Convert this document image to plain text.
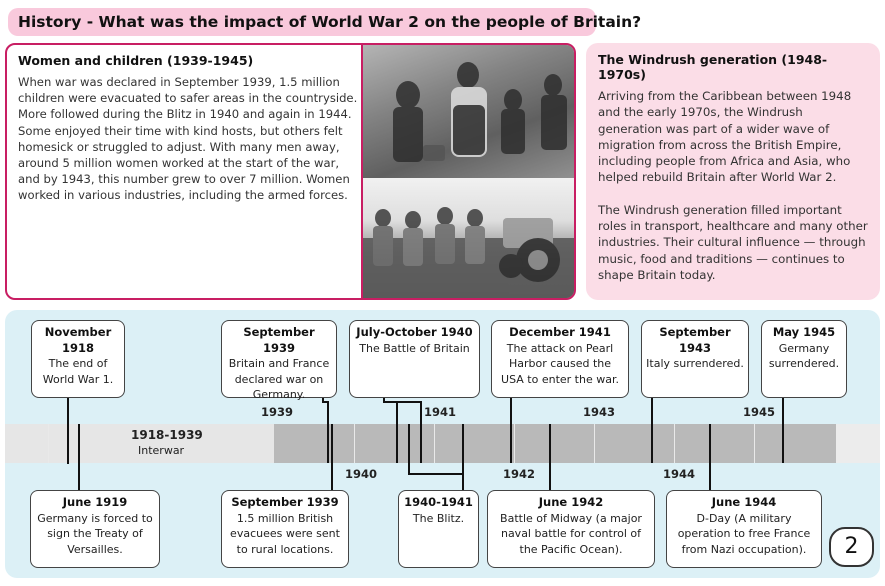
History - What was the impact of World War 2 on the people of Britain?
Women and children (1939-1945)
When war was declared in September 1939, 1.5 million children were evacuated to safer areas in the countryside. More followed during the Blitz in 1940 and again in 1944. Some enjoyed their time with kind hosts, but others felt homesick or struggled to adjust. With many men away, around 5 million women worked at the start of the war, and by 1943, this number grew to over 7 million. Women worked in various industries, including the armed forces.
The Windrush generation (1948-1970s)
Arriving from the Caribbean between 1948 and the early 1970s, the Windrush generation was part of a wider wave of migration from across the British Empire, including people from Africa and Asia, who helped rebuild Britain after World War 2.
The Windrush generation filled important roles in transport, healthcare and many other industries. Their cultural influence — through music, food and traditions — continues to shape Britain today.
1918-1939
Interwar
1939	1941	1943	1945
1940	1942	1944
November 1918
The end of World War 1.
September 1939
Britain and France declared war on Germany.
July-October 1940
The Battle of Britain
December 1941
The attack on Pearl Harbor caused the USA to enter the war.
September 1943
Italy surrendered.
May 1945
Germany surrendered.
June 1919
Germany is forced to sign the Treaty of Versailles.
September 1939
1.5 million British evacuees were sent to rural locations.
1940-1941
The Blitz.
June 1942
Battle of Midway (a major naval battle for control of the Pacific Ocean).
June 1944
D-Day (A military operation to free France from Nazi occupation).	2
